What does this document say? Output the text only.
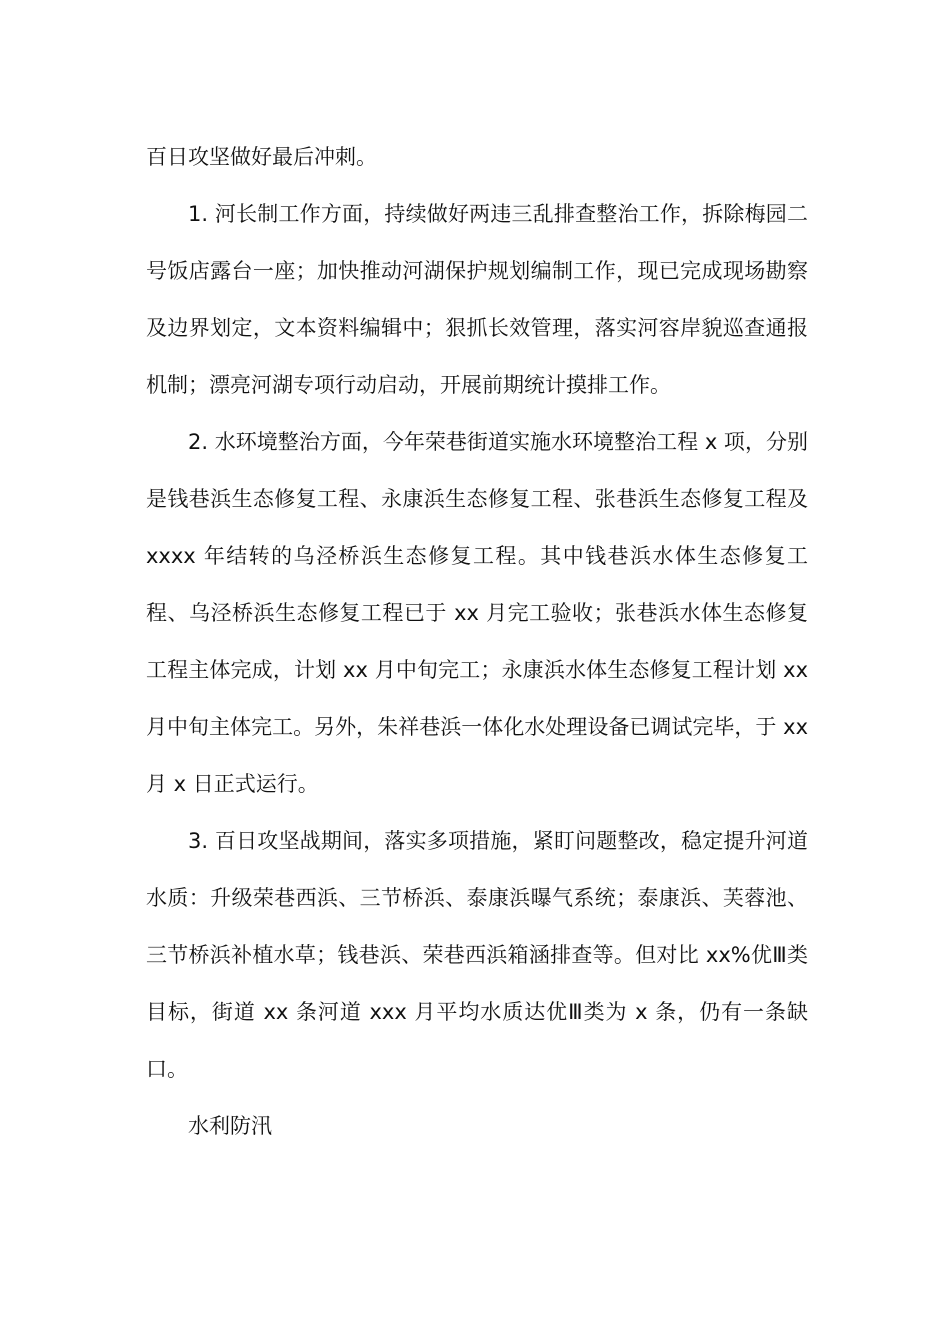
百日攻坚做好最后冲刺。

1. 河长制工作方面，持续做好两违三乱排查整治工作，拆除梅园二号饭店露台一座；加快推动河湖保护规划编制工作，现已完成现场勘察及边界划定，文本资料编辑中；狠抓长效管理，落实河容岸貌巡查通报机制；漂亮河湖专项行动启动，开展前期统计摸排工作。

2. 水环境整治方面，今年荣巷街道实施水环境整治工程 x 项，分别是钱巷浜生态修复工程、永康浜生态修复工程、张巷浜生态修复工程及 xxxx 年结转的乌泾桥浜生态修复工程。其中钱巷浜水体生态修复工程、乌泾桥浜生态修复工程已于 xx 月完工验收；张巷浜水体生态修复工程主体完成，计划 xx 月中旬完工；永康浜水体生态修复工程计划 xx 月中旬主体完工。另外，朱祥巷浜一体化水处理设备已调试完毕，于 xx 月 x 日正式运行。

3. 百日攻坚战期间，落实多项措施，紧盯问题整改，稳定提升河道水质：升级荣巷西浜、三节桥浜、泰康浜曝气系统；泰康浜、芙蓉池、三节桥浜补植水草；钱巷浜、荣巷西浜箱涵排查等。但对比 xx%优Ⅲ类目标，街道 xx 条河道 xxx 月平均水质达优Ⅲ类为 x 条，仍有一条缺口。

水利防汛
